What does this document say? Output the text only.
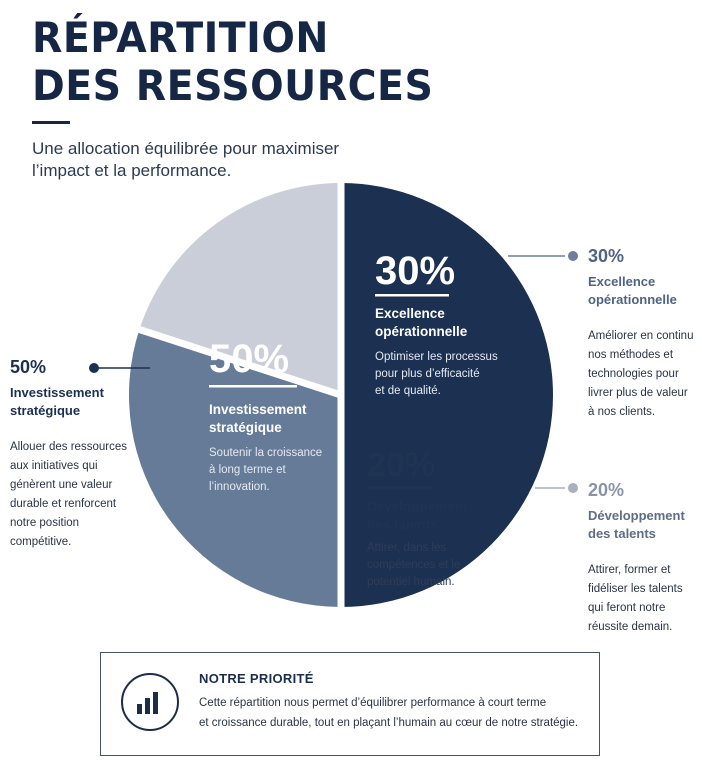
RÉPARTITION
DES RESSOURCES
Une allocation équilibrée pour maximiser
l’impact et la performance.
50%
Investissement
stratégique
Soutenir la croissance
à long terme et
l’innovation.
30%
Excellence
opérationnelle
Optimiser les processus
pour plus d’efficacité
et de qualité.
20%
Développement
des talents
Attirer, dans les
compétences et le
potentiel humain.
50%
Investissement
stratégique
Allouer des ressources
aux initiatives qui
génèrent une valeur
durable et renforcent
notre position
compétitive.
30%
Excellence
opérationnelle
Améliorer en continu
nos méthodes et
technologies pour
livrer plus de valeur
à nos clients.
20%
Développement
des talents
Attirer, former et
fidéliser les talents
qui feront notre
réussite demain.
NOTRE PRIORITÉ
Cette répartition nous permet d’équilibrer performance à court terme
et croissance durable, tout en plaçant l’humain au cœur de notre stratégie.
